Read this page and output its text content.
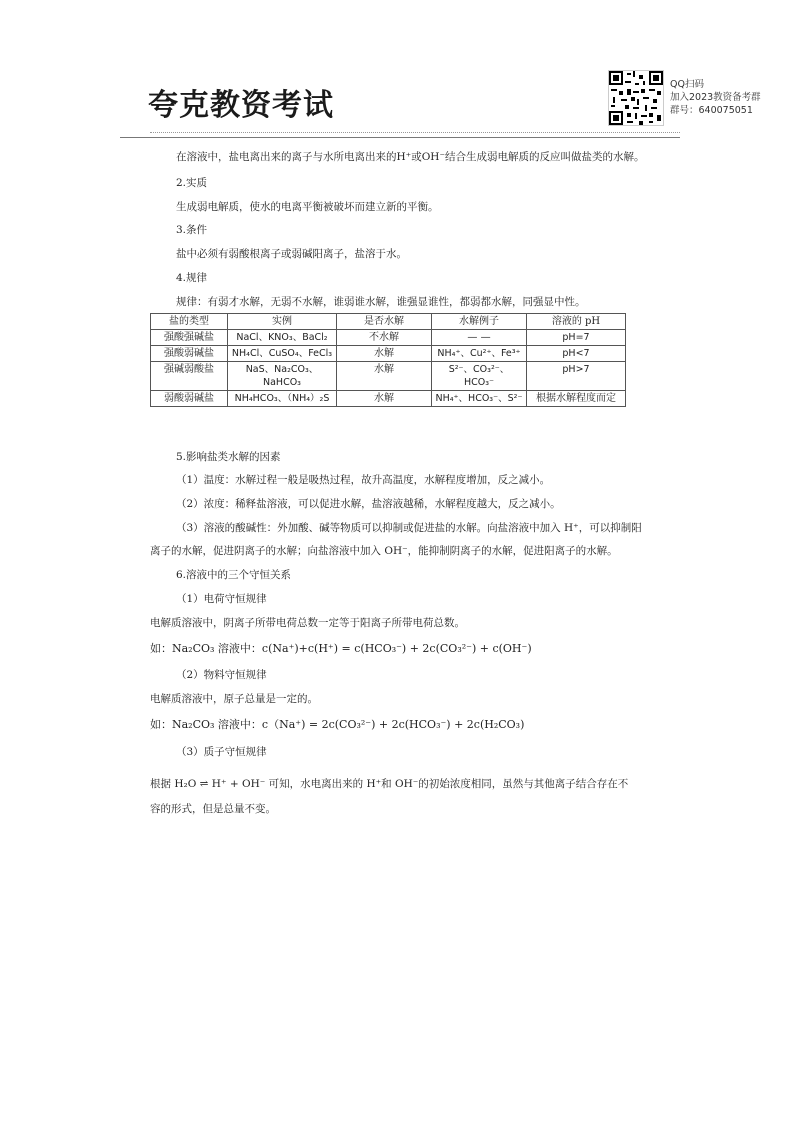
夸克教资考试
QQ扫码
加入2023教资备考群
群号：640075051
在溶液中，盐电离出来的离子与水所电离出来的H⁺或OH⁻结合生成弱电解质的反应叫做盐类的水解。
2.实质
生成弱电解质，使水的电离平衡被破坏而建立新的平衡。
3.条件
盐中必须有弱酸根离子或弱碱阳离子，盐溶于水。
4.规律
规律：有弱才水解，无弱不水解，谁弱谁水解，谁强显谁性，都弱都水解，同强显中性。
盐的类型	实例	是否水解	水解例子	溶液的 pH
强酸强碱盐	NaCl、KNO₃、BaCl₂	不水解	— —	pH=7
强酸弱碱盐	NH₄Cl、CuSO₄、FeCl₃	水解	NH₄⁺、Cu²⁺、Fe³⁺	pH<7
强碱弱酸盐	NaS、Na₂CO₃、NaHCO₃	水解	S²⁻、CO₃²⁻、HCO₃⁻	pH>7
弱酸弱碱盐	NH₄HCO₃、（NH₄）₂S	水解	NH₄⁺、HCO₃⁻、S²⁻	根据水解程度而定
5.影响盐类水解的因素
（1）温度：水解过程一般是吸热过程，故升高温度，水解程度增加，反之减小。
（2）浓度：稀释盐溶液，可以促进水解，盐溶液越稀，水解程度越大，反之减小。
（3）溶液的酸碱性：外加酸、碱等物质可以抑制或促进盐的水解。向盐溶液中加入 H⁺，可以抑制阳
离子的水解，促进阴离子的水解；向盐溶液中加入 OH⁻，能抑制阴离子的水解，促进阳离子的水解。
6.溶液中的三个守恒关系
（1）电荷守恒规律
电解质溶液中，阴离子所带电荷总数一定等于阳离子所带电荷总数。
如：Na₂CO₃ 溶液中：c(Na⁺)+c(H⁺) = c(HCO₃⁻) + 2c(CO₃²⁻) + c(OH⁻)
（2）物料守恒规律
电解质溶液中，原子总量是一定的。
如：Na₂CO₃ 溶液中：c（Na⁺) = 2c(CO₃²⁻) + 2c(HCO₃⁻) + 2c(H₂CO₃)
（3）质子守恒规律
根据 H₂O ⇌ H⁺ + OH⁻ 可知，水电离出来的 H⁺和 OH⁻的初始浓度相同，虽然与其他离子结合存在不
容的形式，但是总量不变。
